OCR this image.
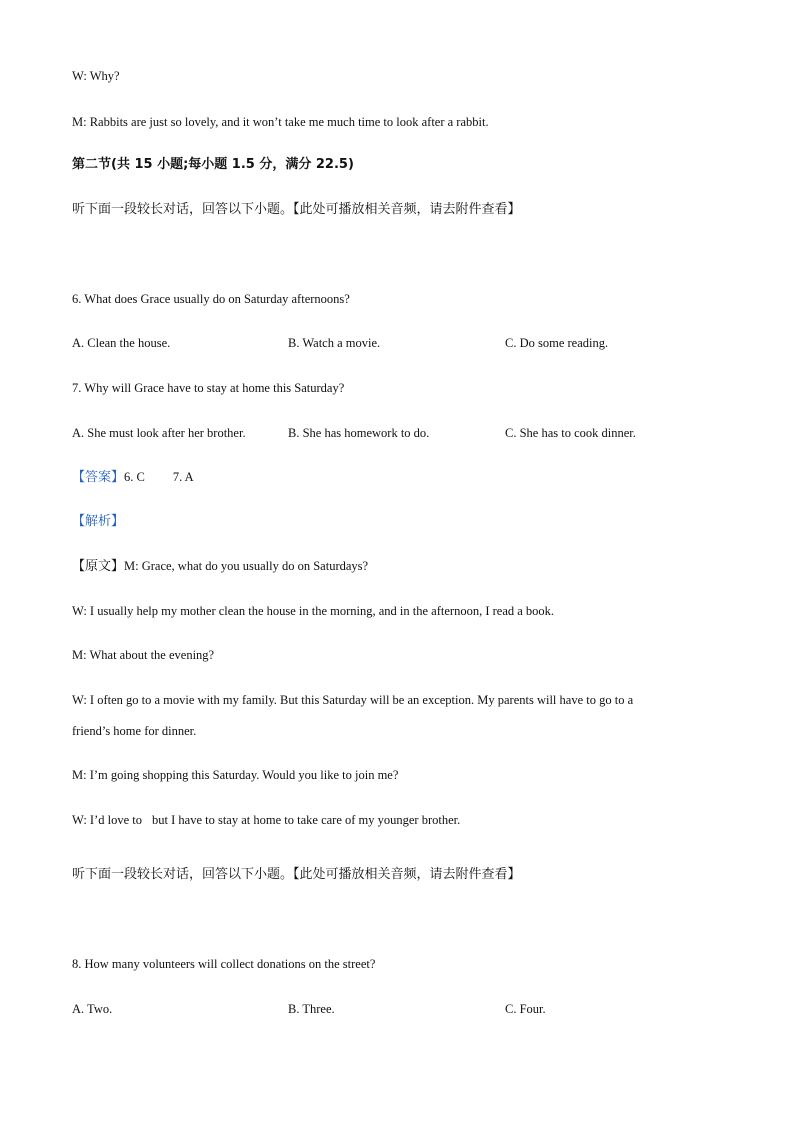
W: Why?
M: Rabbits are just so lovely, and it won’t take me much time to look after a rabbit.
第二节(共 15 小题;每小题 1.5 分，满分 22.5)
听下面一段较长对话，回答以下小题。【此处可播放相关音频，请去附件查看】
6. What does Grace usually do on Saturday afternoons?
A. Clean the house.	B. Watch a movie.	C. Do some reading.
7. Why will Grace have to stay at home this Saturday?
A. She must look after her brother.	B. She has homework to do.	C. She has to cook dinner.
【答案】6. C 7. A
【解析】
【原文】M: Grace, what do you usually do on Saturdays?
W: I usually help my mother clean the house in the morning, and in the afternoon, I read a book.
M: What about the evening?
W: I often go to a movie with my family. But this Saturday will be an exception. My parents will have to go to a
friend’s home for dinner.
M: I’m going shopping this Saturday. Would you like to join me?
W: I’d love to but I have to stay at home to take care of my younger brother.
听下面一段较长对话，回答以下小题。【此处可播放相关音频，请去附件查看】
8. How many volunteers will collect donations on the street?
A. Two.	B. Three.	C. Four.
